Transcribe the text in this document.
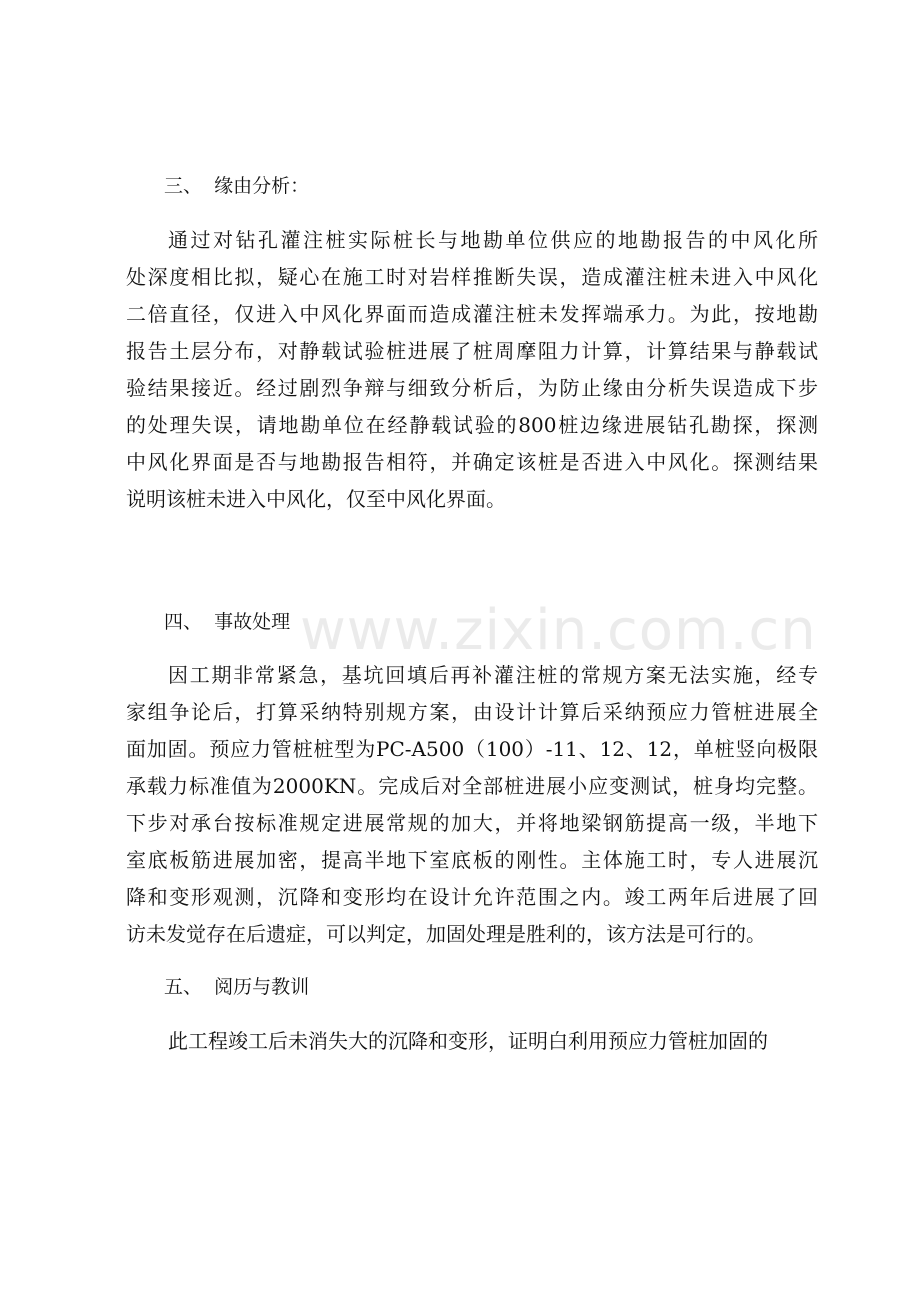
www.zixin.com.cn
三、  缘由分析：
通过对钻孔灌注桩实际桩长与地勘单位供应的地勘报告的中风化所
处深度相比拟，疑心在施工时对岩样推断失误，造成灌注桩未进入中风化
二倍直径，仅进入中风化界面而造成灌注桩未发挥端承力。为此，按地勘
报告土层分布，对静载试验桩进展了桩周摩阻力计算，计算结果与静载试
验结果接近。经过剧烈争辩与细致分析后，为防止缘由分析失误造成下步
的处理失误，请地勘单位在经静载试验的800桩边缘进展钻孔勘探，探测
中风化界面是否与地勘报告相符，并确定该桩是否进入中风化。探测结果
说明该桩未进入中风化，仅至中风化界面。
四、  事故处理
因工期非常紧急，基坑回填后再补灌注桩的常规方案无法实施，经专
家组争论后，打算采纳特别规方案，由设计计算后采纳预应力管桩进展全
面加固。预应力管桩桩型为PC-A500（100）-11、12、12，单桩竖向极限
承载力标准值为2000KN。完成后对全部桩进展小应变测试，桩身均完整。
下步对承台按标准规定进展常规的加大，并将地梁钢筋提高一级，半地下
室底板筋进展加密，提高半地下室底板的刚性。主体施工时，专人进展沉
降和变形观测，沉降和变形均在设计允许范围之内。竣工两年后进展了回
访未发觉存在后遗症，可以判定，加固处理是胜利的，该方法是可行的。
五、  阅历与教训
此工程竣工后未消失大的沉降和变形，证明白利用预应力管桩加固的
